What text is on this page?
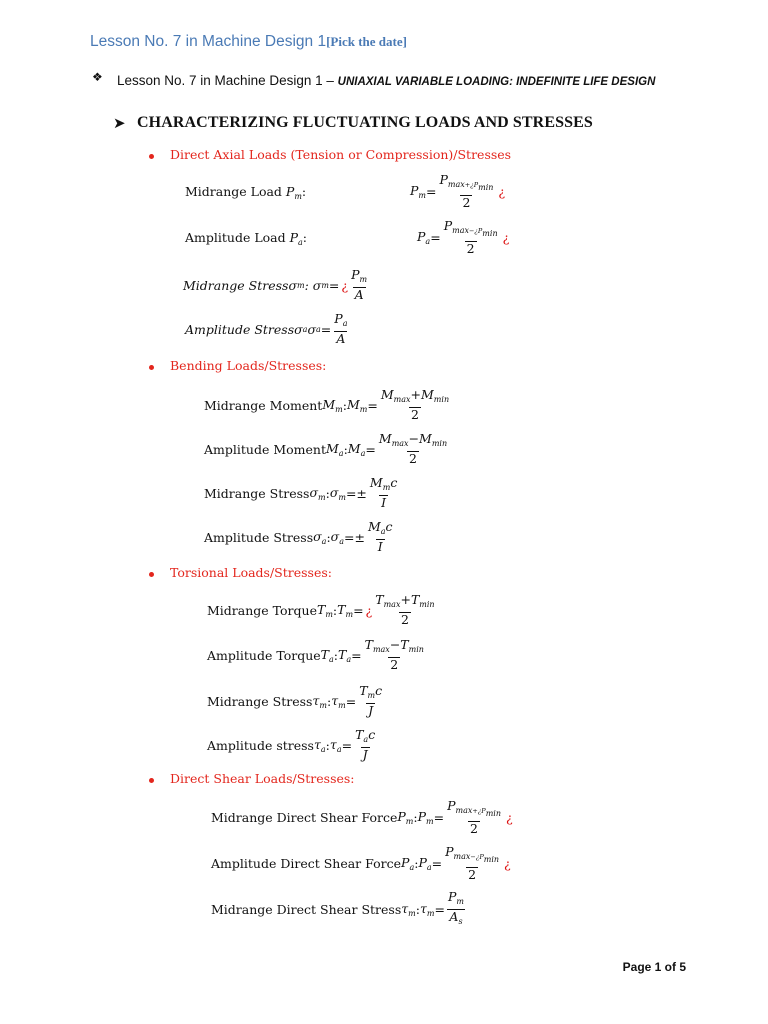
Lesson No. 7 in Machine Design 1[Pick the date]
❖ Lesson No. 7 in Machine Design 1 – UNIAXIAL VARIABLE LOADING: INDEFINITE LIFE DESIGN
➤ CHARACTERIZING FLUCTUATING LOADS AND STRESSES
Direct Axial Loads (Tension or Compression)/Stresses
Midrange Load $P_m$:	$P_m = \frac{P_{max+¿P_{min}}}{2}$ ¿
Amplitude Load $P_a$:	$P_a = \frac{P_{max-¿P_{min}}}{2}$ ¿
Midrange Stress σ m : σ m = ¿ $\frac{P_m}{A}$
Amplitude Stress σ a σ $a = \frac{P_a}{A}$
Bending Loads/Stresses:
Midrange Moment $M_m$ : $M_m = \frac{M_{max}+M_{min}}{2}$
Amplitude Moment $M_a$ : $M_a = \frac{M_{max}-M_{min}}{2}$
Midrange Stress $\sigma_m$ : $\sigma_m =\pm \frac{M_mc}{I}$
Amplitude Stress $\sigma_a$ : $\sigma_a =\pm \frac{M_ac}{I}$
Torsional Loads/Stresses:
Midrange Torque $T_m$ : $T_m$ = ¿ $\frac{T_{max}+T_{min}}{2}$
Amplitude Torque $T_a$ : $T_a = \frac{T_{max}-T_{min}}{2}$
Midrange Stress $\tau_m$ : $\tau_m = \frac{T_mc}{J}$
Amplitude stress $\tau_a$ : $\tau_a = \frac{T_ac}{J}$
Direct Shear Loads/Stresses:
Midrange Direct Shear Force $P_m$ : $P_m = \frac{P_{max+¿P_{min}}}{2}$ ¿
Amplitude Direct Shear Force $P_a$ : $P_a = \frac{P_{max-¿P_{min}}}{2}$ ¿
Midrange Direct Shear Stress $\tau_m$ : $\tau_m = \frac{P_m}{A_s}$
Page 1 of 5
